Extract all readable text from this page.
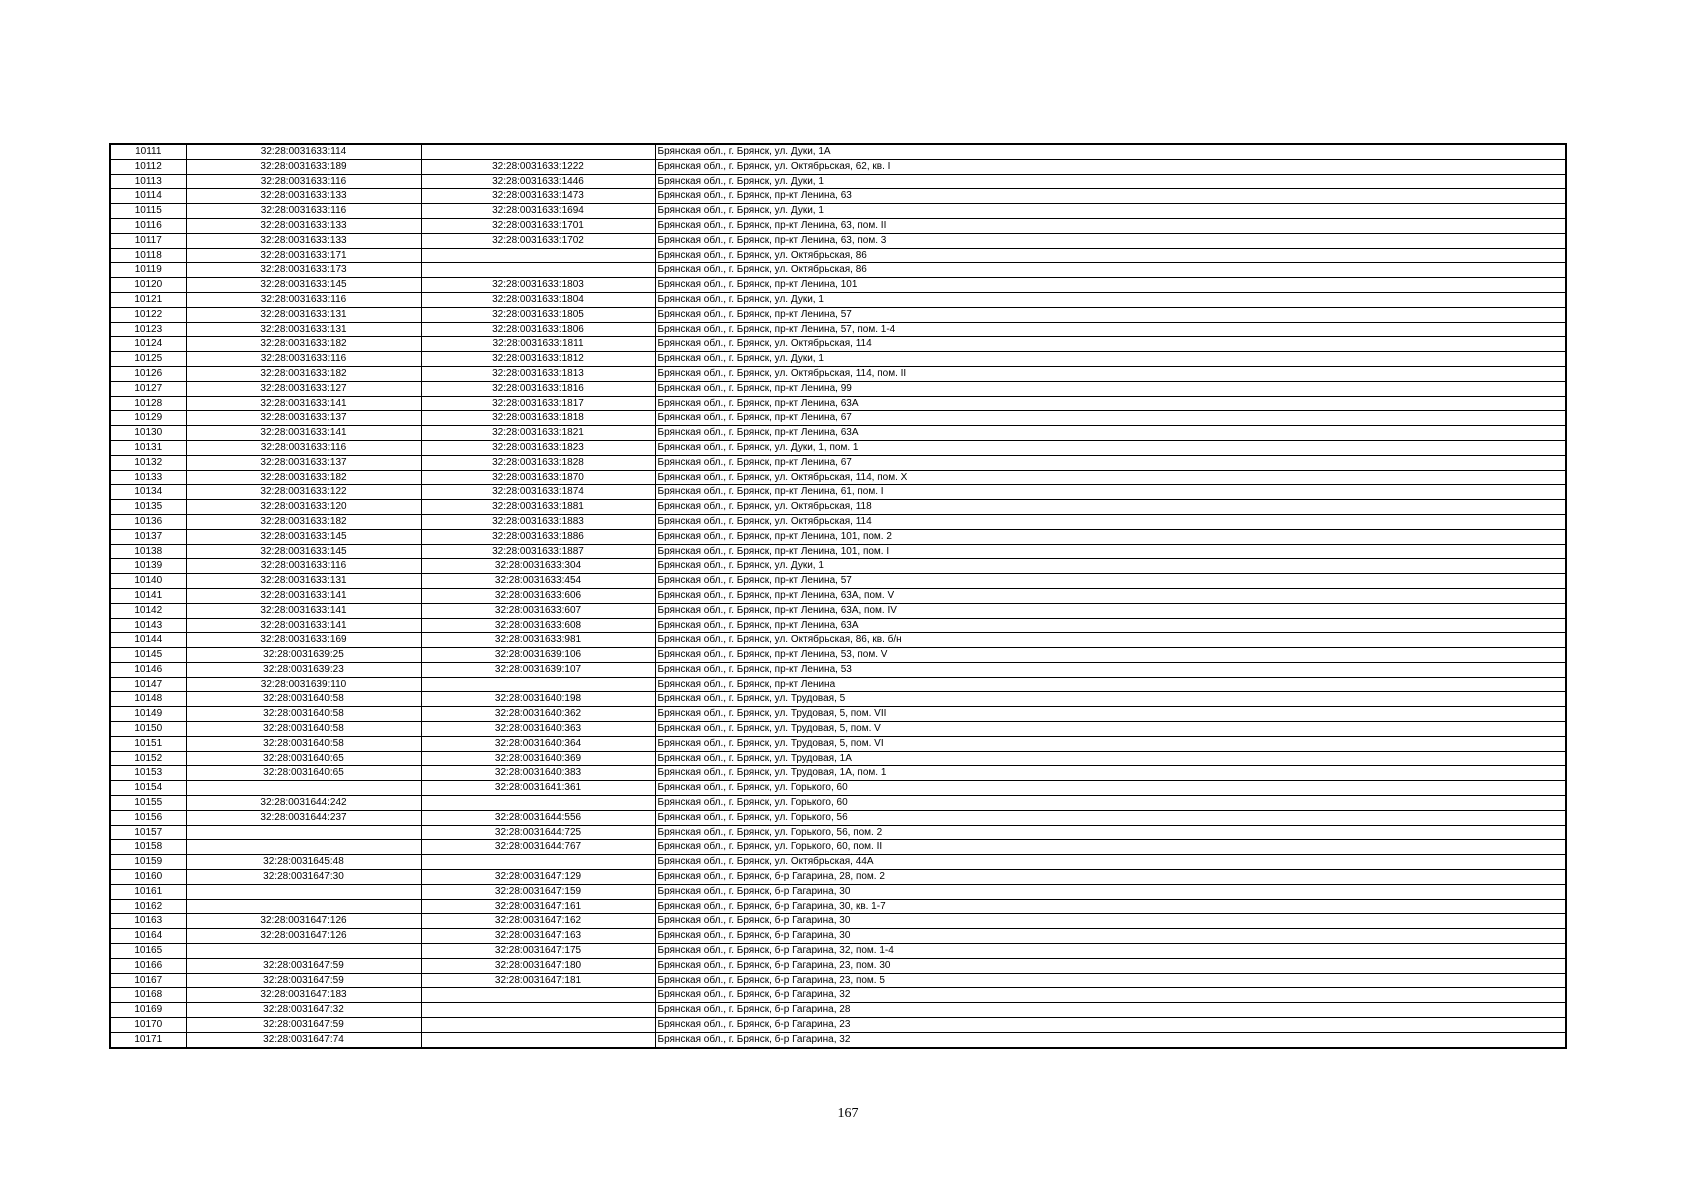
10111	32:28:0031633:114		Брянская обл., г. Брянск, ул. Дуки, 1А
10112	32:28:0031633:189	32:28:0031633:1222	Брянская обл., г. Брянск, ул. Октябрьская, 62, кв. I
10113	32:28:0031633:116	32:28:0031633:1446	Брянская обл., г. Брянск, ул. Дуки, 1
10114	32:28:0031633:133	32:28:0031633:1473	Брянская обл., г. Брянск, пр-кт Ленина, 63
10115	32:28:0031633:116	32:28:0031633:1694	Брянская обл., г. Брянск, ул. Дуки, 1
10116	32:28:0031633:133	32:28:0031633:1701	Брянская обл., г. Брянск, пр-кт Ленина, 63, пом. II
10117	32:28:0031633:133	32:28:0031633:1702	Брянская обл., г. Брянск, пр-кт Ленина, 63, пом. 3
10118	32:28:0031633:171		Брянская обл., г. Брянск, ул. Октябрьская, 86
10119	32:28:0031633:173		Брянская обл., г. Брянск, ул. Октябрьская, 86
10120	32:28:0031633:145	32:28:0031633:1803	Брянская обл., г. Брянск, пр-кт Ленина, 101
10121	32:28:0031633:116	32:28:0031633:1804	Брянская обл., г. Брянск, ул. Дуки, 1
10122	32:28:0031633:131	32:28:0031633:1805	Брянская обл., г. Брянск, пр-кт Ленина, 57
10123	32:28:0031633:131	32:28:0031633:1806	Брянская обл., г. Брянск, пр-кт Ленина, 57, пом. 1-4
10124	32:28:0031633:182	32:28:0031633:1811	Брянская обл., г. Брянск, ул. Октябрьская, 114
10125	32:28:0031633:116	32:28:0031633:1812	Брянская обл., г. Брянск, ул. Дуки, 1
10126	32:28:0031633:182	32:28:0031633:1813	Брянская обл., г. Брянск, ул. Октябрьская, 114, пом. II
10127	32:28:0031633:127	32:28:0031633:1816	Брянская обл., г. Брянск, пр-кт Ленина, 99
10128	32:28:0031633:141	32:28:0031633:1817	Брянская обл., г. Брянск, пр-кт Ленина, 63А
10129	32:28:0031633:137	32:28:0031633:1818	Брянская обл., г. Брянск, пр-кт Ленина, 67
10130	32:28:0031633:141	32:28:0031633:1821	Брянская обл., г. Брянск, пр-кт Ленина, 63А
10131	32:28:0031633:116	32:28:0031633:1823	Брянская обл., г. Брянск, ул. Дуки, 1, пом. 1
10132	32:28:0031633:137	32:28:0031633:1828	Брянская обл., г. Брянск, пр-кт Ленина, 67
10133	32:28:0031633:182	32:28:0031633:1870	Брянская обл., г. Брянск, ул. Октябрьская, 114, пом. X
10134	32:28:0031633:122	32:28:0031633:1874	Брянская обл., г. Брянск, пр-кт Ленина, 61, пом. I
10135	32:28:0031633:120	32:28:0031633:1881	Брянская обл., г. Брянск, ул. Октябрьская, 118
10136	32:28:0031633:182	32:28:0031633:1883	Брянская обл., г. Брянск, ул. Октябрьская, 114
10137	32:28:0031633:145	32:28:0031633:1886	Брянская обл., г. Брянск, пр-кт Ленина, 101, пом. 2
10138	32:28:0031633:145	32:28:0031633:1887	Брянская обл., г. Брянск, пр-кт Ленина, 101, пом. I
10139	32:28:0031633:116	32:28:0031633:304	Брянская обл., г. Брянск, ул. Дуки, 1
10140	32:28:0031633:131	32:28:0031633:454	Брянская обл., г. Брянск, пр-кт Ленина, 57
10141	32:28:0031633:141	32:28:0031633:606	Брянская обл., г. Брянск, пр-кт Ленина, 63А, пом. V
10142	32:28:0031633:141	32:28:0031633:607	Брянская обл., г. Брянск, пр-кт Ленина, 63А, пом. IV
10143	32:28:0031633:141	32:28:0031633:608	Брянская обл., г. Брянск, пр-кт Ленина, 63А
10144	32:28:0031633:169	32:28:0031633:981	Брянская обл., г. Брянск, ул. Октябрьская, 86, кв. б/н
10145	32:28:0031639:25	32:28:0031639:106	Брянская обл., г. Брянск, пр-кт Ленина, 53, пом. V
10146	32:28:0031639:23	32:28:0031639:107	Брянская обл., г. Брянск, пр-кт Ленина, 53
10147	32:28:0031639:110		Брянская обл., г. Брянск, пр-кт Ленина
10148	32:28:0031640:58	32:28:0031640:198	Брянская обл., г. Брянск, ул. Трудовая, 5
10149	32:28:0031640:58	32:28:0031640:362	Брянская обл., г. Брянск, ул. Трудовая, 5, пом. VII
10150	32:28:0031640:58	32:28:0031640:363	Брянская обл., г. Брянск, ул. Трудовая, 5, пом. V
10151	32:28:0031640:58	32:28:0031640:364	Брянская обл., г. Брянск, ул. Трудовая, 5, пом. VI
10152	32:28:0031640:65	32:28:0031640:369	Брянская обл., г. Брянск, ул. Трудовая, 1А
10153	32:28:0031640:65	32:28:0031640:383	Брянская обл., г. Брянск, ул. Трудовая, 1А, пом. 1
10154		32:28:0031641:361	Брянская обл., г. Брянск, ул. Горького, 60
10155	32:28:0031644:242		Брянская обл., г. Брянск, ул. Горького, 60
10156	32:28:0031644:237	32:28:0031644:556	Брянская обл., г. Брянск, ул. Горького, 56
10157		32:28:0031644:725	Брянская обл., г. Брянск, ул. Горького, 56, пом. 2
10158		32:28:0031644:767	Брянская обл., г. Брянск, ул. Горького, 60, пом. II
10159	32:28:0031645:48		Брянская обл., г. Брянск, ул. Октябрьская, 44А
10160	32:28:0031647:30	32:28:0031647:129	Брянская обл., г. Брянск, б-р Гагарина, 28, пом. 2
10161		32:28:0031647:159	Брянская обл., г. Брянск, б-р Гагарина, 30
10162		32:28:0031647:161	Брянская обл., г. Брянск, б-р Гагарина, 30, кв. 1-7
10163	32:28:0031647:126	32:28:0031647:162	Брянская обл., г. Брянск, б-р Гагарина, 30
10164	32:28:0031647:126	32:28:0031647:163	Брянская обл., г. Брянск, б-р Гагарина, 30
10165		32:28:0031647:175	Брянская обл., г. Брянск, б-р Гагарина, 32, пом. 1-4
10166	32:28:0031647:59	32:28:0031647:180	Брянская обл., г. Брянск, б-р Гагарина, 23, пом. 30
10167	32:28:0031647:59	32:28:0031647:181	Брянская обл., г. Брянск, б-р Гагарина, 23, пом. 5
10168	32:28:0031647:183		Брянская обл., г. Брянск, б-р Гагарина, 32
10169	32:28:0031647:32		Брянская обл., г. Брянск, б-р Гагарина, 28
10170	32:28:0031647:59		Брянская обл., г. Брянск, б-р Гагарина, 23
10171	32:28:0031647:74		Брянская обл., г. Брянск, б-р Гагарина, 32
167
